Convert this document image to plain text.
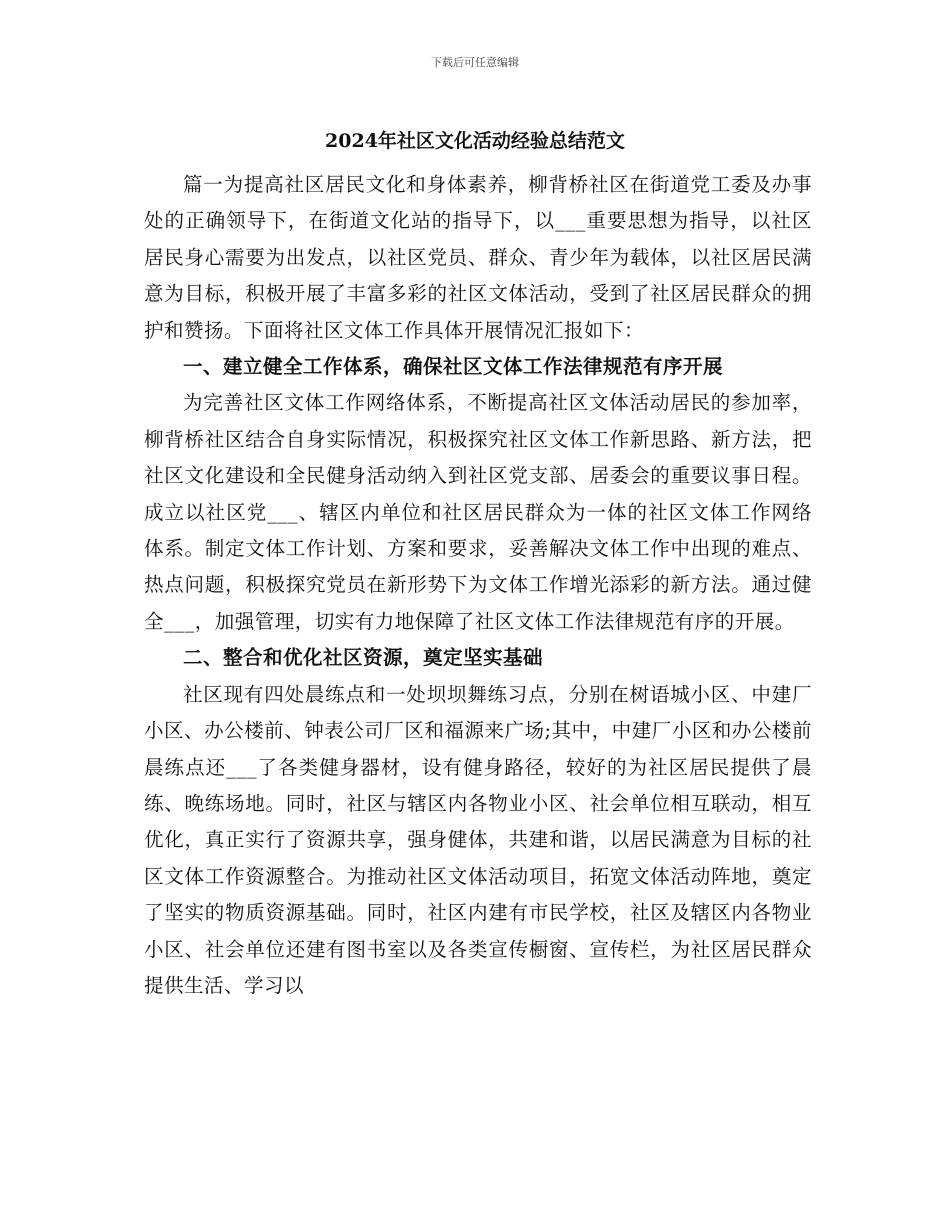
下载后可任意编辑
2024年社区文化活动经验总结范文

篇一为提高社区居民文化和身体素养，柳背桥社区在街道党工委及办事处的正确领导下，在街道文化站的指导下，以___重要思想为指导，以社区居民身心需要为出发点，以社区党员、群众、青少年为载体，以社区居民满意为目标，积极开展了丰富多彩的社区文体活动，受到了社区居民群众的拥护和赞扬。下面将社区文体工作具体开展情况汇报如下：

一、建立健全工作体系，确保社区文体工作法律规范有序开展

为完善社区文体工作网络体系，不断提高社区文体活动居民的参加率，柳背桥社区结合自身实际情况，积极探究社区文体工作新思路、新方法，把社区文化建设和全民健身活动纳入到社区党支部、居委会的重要议事日程。成立以社区党___、辖区内单位和社区居民群众为一体的社区文体工作网络体系。制定文体工作计划、方案和要求，妥善解决文体工作中出现的难点、热点问题，积极探究党员在新形势下为文体工作增光添彩的新方法。通过健全___，加强管理，切实有力地保障了社区文体工作法律规范有序的开展。

二、整合和优化社区资源，奠定坚实基础

社区现有四处晨练点和一处坝坝舞练习点，分别在树语城小区、中建厂小区、办公楼前、钟表公司厂区和福源来广场;其中，中建厂小区和办公楼前晨练点还___了各类健身器材，设有健身路径，较好的为社区居民提供了晨练、晚练场地。同时，社区与辖区内各物业小区、社会单位相互联动，相互优化，真正实行了资源共享，强身健体，共建和谐，以居民满意为目标的社区文体工作资源整合。为推动社区文体活动项目，拓宽文体活动阵地，奠定了坚实的物质资源基础。同时，社区内建有市民学校，社区及辖区内各物业小区、社会单位还建有图书室以及各类宣传橱窗、宣传栏，为社区居民群众提供生活、学习以
